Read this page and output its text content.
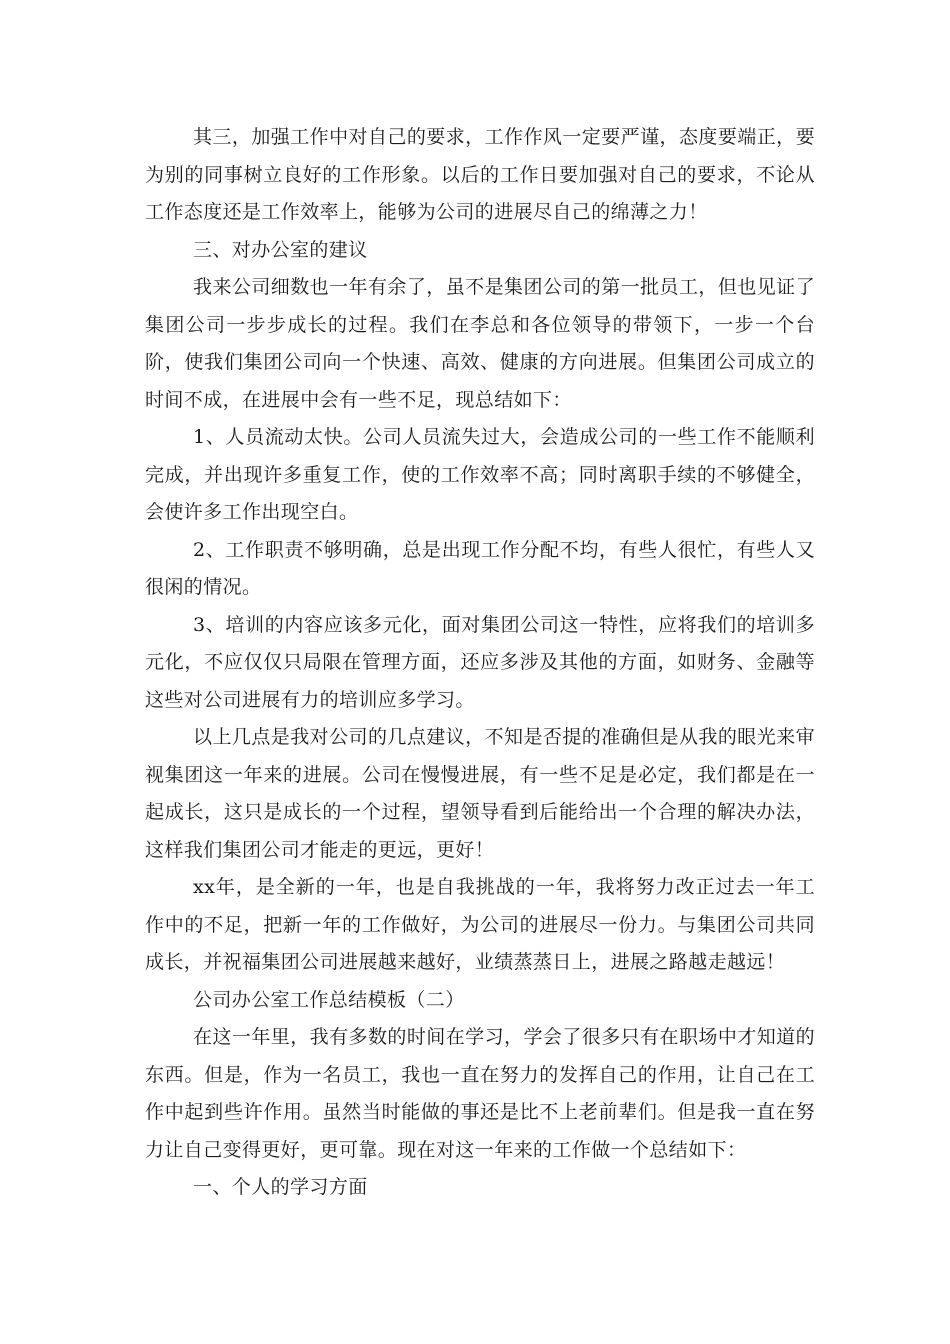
其三，加强工作中对自己的要求，工作作风一定要严谨，态度要端正，要为别的同事树立良好的工作形象。以后的工作日要加强对自己的要求，不论从工作态度还是工作效率上，能够为公司的进展尽自己的绵薄之力！

三、对办公室的建议

我来公司细数也一年有余了，虽不是集团公司的第一批员工，但也见证了集团公司一步步成长的过程。我们在李总和各位领导的带领下，一步一个台阶，使我们集团公司向一个快速、高效、健康的方向进展。但集团公司成立的时间不成，在进展中会有一些不足，现总结如下：

1、人员流动太快。公司人员流失过大，会造成公司的一些工作不能顺利完成，并出现许多重复工作，使的工作效率不高；同时离职手续的不够健全，会使许多工作出现空白。

2、工作职责不够明确，总是出现工作分配不均，有些人很忙，有些人又很闲的情况。

3、培训的内容应该多元化，面对集团公司这一特性，应将我们的培训多元化，不应仅仅只局限在管理方面，还应多涉及其他的方面，如财务、金融等这些对公司进展有力的培训应多学习。

以上几点是我对公司的几点建议，不知是否提的准确但是从我的眼光来审视集团这一年来的进展。公司在慢慢进展，有一些不足是必定，我们都是在一起成长，这只是成长的一个过程，望领导看到后能给出一个合理的解决办法，这样我们集团公司才能走的更远，更好！

xx年，是全新的一年，也是自我挑战的一年，我将努力改正过去一年工作中的不足，把新一年的工作做好，为公司的进展尽一份力。与集团公司共同成长，并祝福集团公司进展越来越好，业绩蒸蒸日上，进展之路越走越远！

公司办公室工作总结模板（二）

在这一年里，我有多数的时间在学习，学会了很多只有在职场中才知道的东西。但是，作为一名员工，我也一直在努力的发挥自己的作用，让自己在工作中起到些许作用。虽然当时能做的事还是比不上老前辈们。但是我一直在努力让自己变得更好，更可靠。现在对这一年来的工作做一个总结如下：

一、个人的学习方面
